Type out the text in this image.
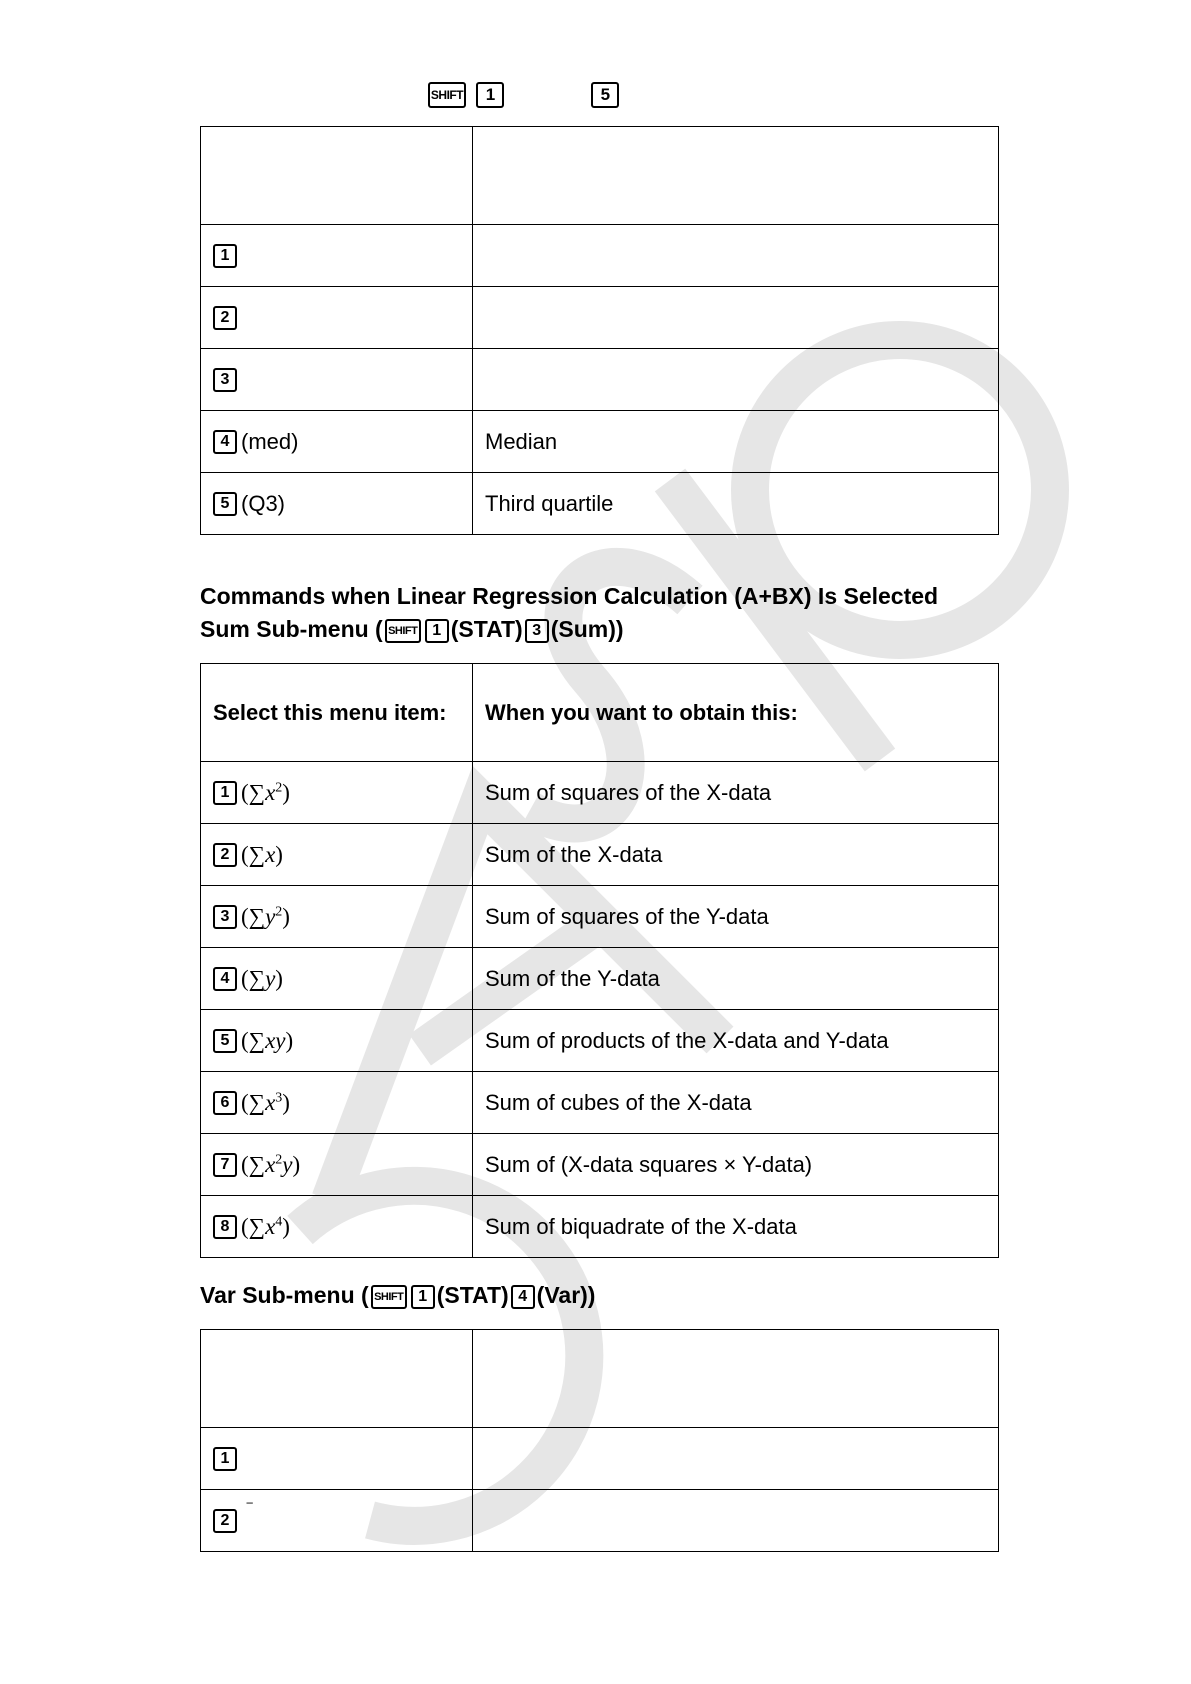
SHIFT 1	5

1	

2	

3	

4 (med)	Median

5 (Q3)	Third quartile
Commands when Linear Regression Calculation (A+BX) Is Selected
Sum Sub-menu ( SHIFT 1 (STAT) 3 (Sum))
Select this menu item:	When you want to obtain this:

1 $(\sum x^2)$	Sum of squares of the X-data

2 (∑x)	Sum of the X-data

3 $(\sum y^2)$	Sum of squares of the Y-data

4 (∑y)	Sum of the Y-data

5 (∑xy)	Sum of products of the X-data and Y-data

6 $(\sum x^3)$	Sum of cubes of the X-data

7 $(\sum x^2y)$	Sum of (X-data squares × Y-data)

8 $(\sum x^4)$	Sum of biquadrate of the X-data
Var Sub-menu ( SHIFT 1 (STAT) 4 (Var))

1	

2
‾	
